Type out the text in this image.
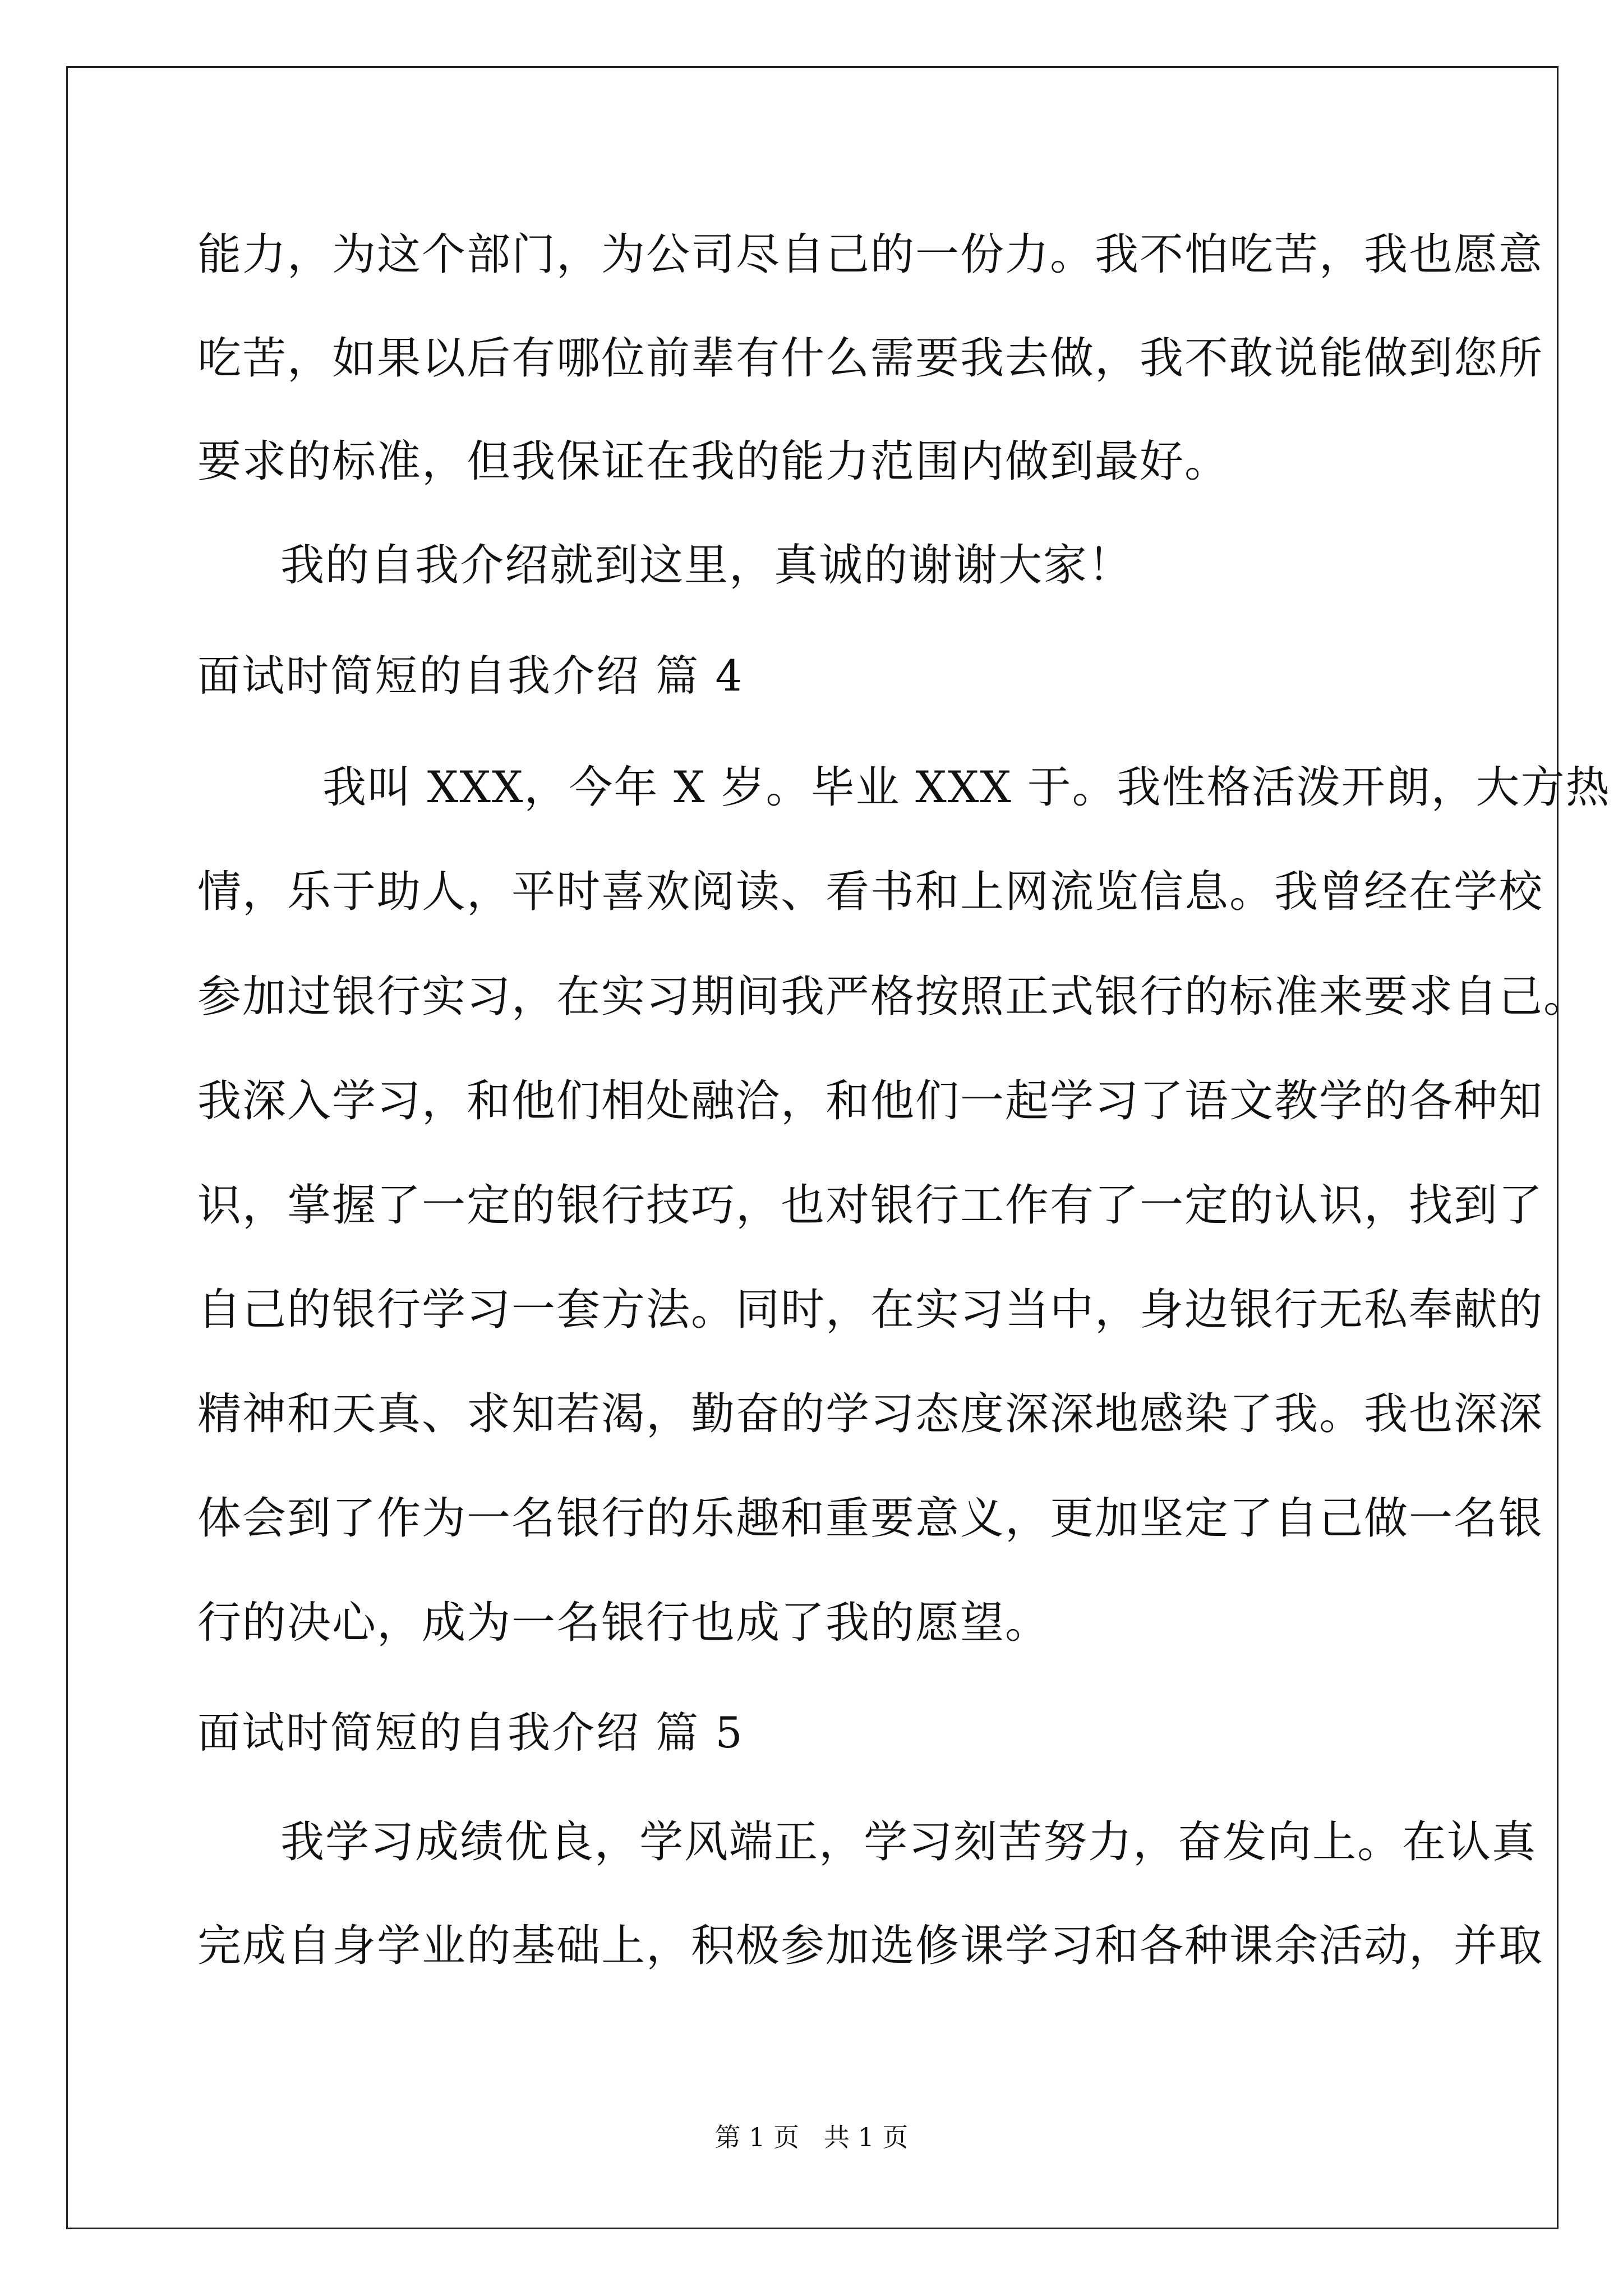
能力，为这个部门，为公司尽自己的一份力。我不怕吃苦，我也愿意
吃苦，如果以后有哪位前辈有什么需要我去做，我不敢说能做到您所
要求的标准，但我保证在我的能力范围内做到最好。
我的自我介绍就到这里，真诚的谢谢大家！
面试时简短的自我介绍 篇 4
我叫 XXX，今年 X 岁。毕业 XXX 于。我性格活泼开朗，大方热
情，乐于助人，平时喜欢阅读、看书和上网流览信息。我曾经在学校
参加过银行实习，在实习期间我严格按照正式银行的标准来要求自己。
我深入学习，和他们相处融洽，和他们一起学习了语文教学的各种知
识，掌握了一定的银行技巧，也对银行工作有了一定的认识，找到了
自己的银行学习一套方法。同时，在实习当中，身边银行无私奉献的
精神和天真、求知若渴，勤奋的学习态度深深地感染了我。我也深深
体会到了作为一名银行的乐趣和重要意义，更加坚定了自己做一名银
行的决心，成为一名银行也成了我的愿望。
面试时简短的自我介绍 篇 5
我学习成绩优良，学风端正，学习刻苦努力，奋发向上。在认真
完成自身学业的基础上，积极参加选修课学习和各种课余活动，并取
第 1 页   共 1 页
